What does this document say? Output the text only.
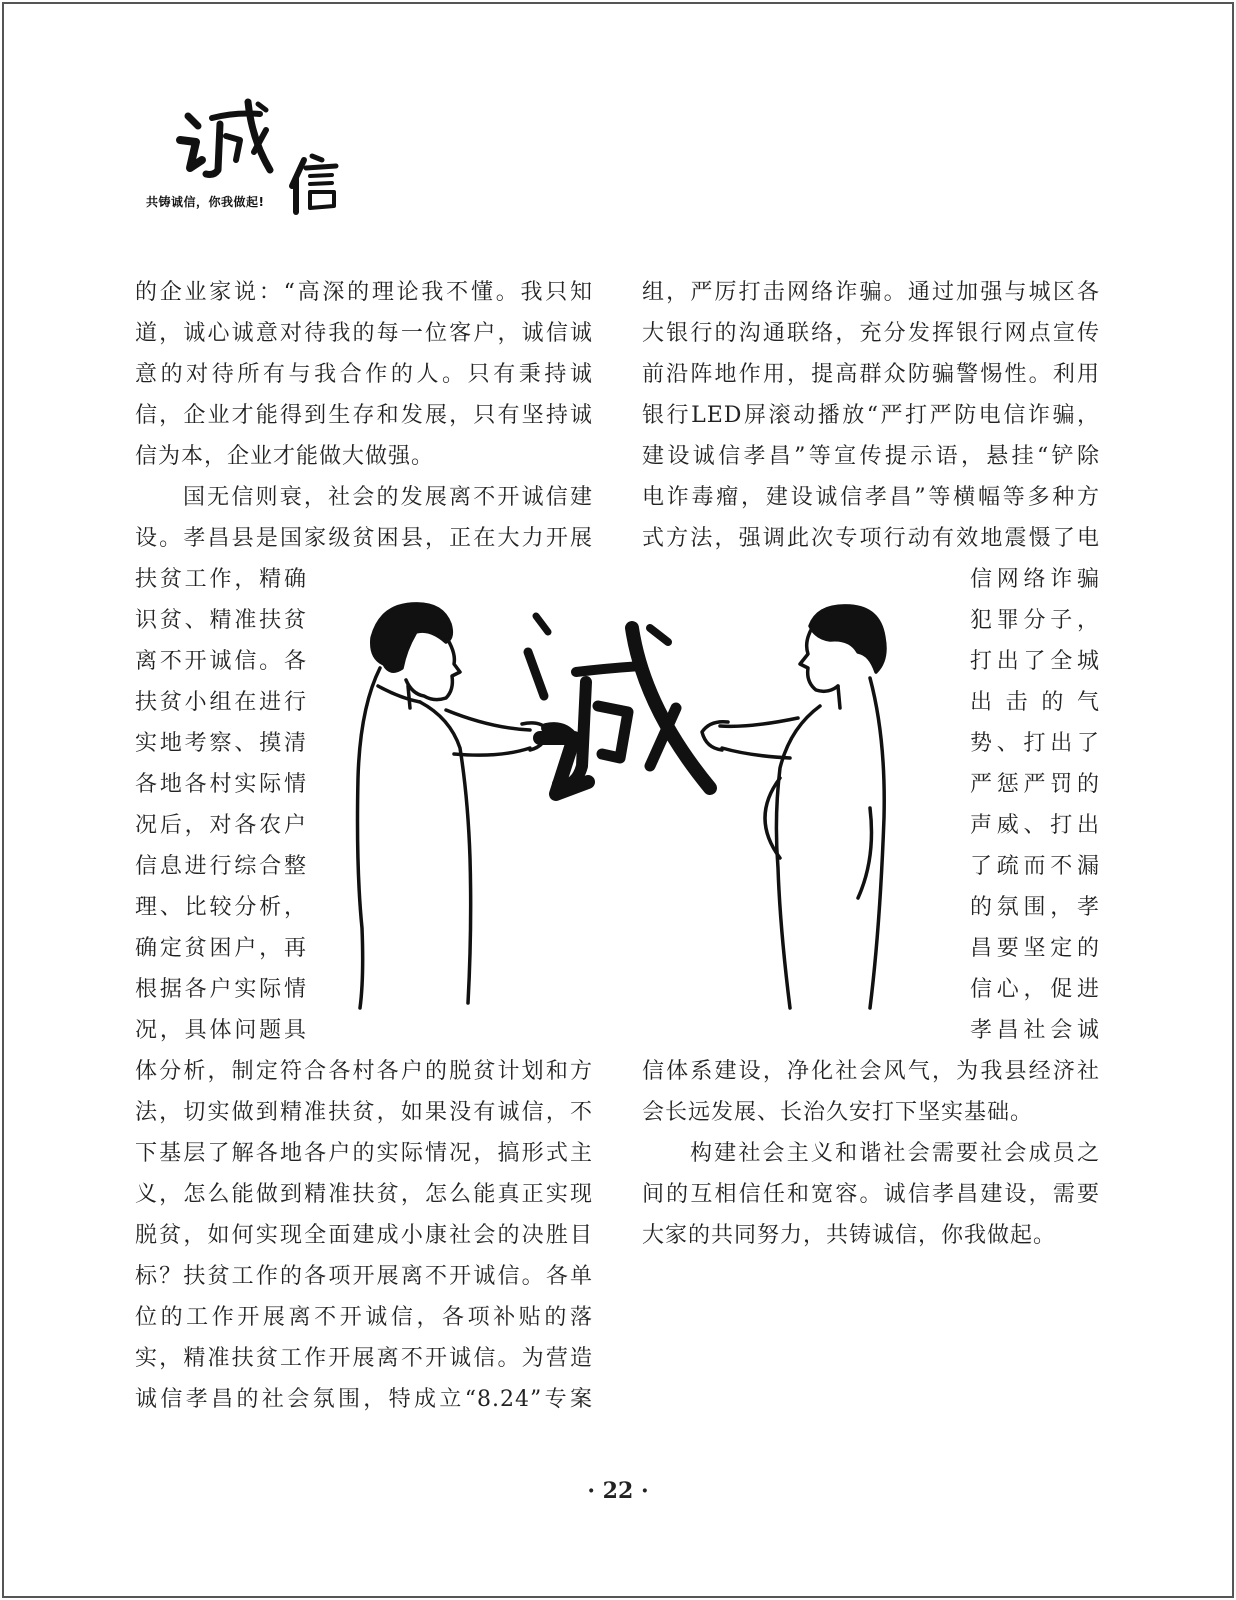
共铸诚信，你我做起!

的企业家说：“高深的理论我不懂。我只知

道，诚心诚意对待我的每一位客户，诚信诚

意的对待所有与我合作的人。只有秉持诚

信，企业才能得到生存和发展，只有坚持诚

信为本，企业才能做大做强。

国无信则衰，社会的发展离不开诚信建

设。孝昌县是国家级贫困县，正在大力开展

扶贫工作，精确

识贫、精准扶贫

离不开诚信。各

扶贫小组在进行

实地考察、摸清

各地各村实际情

况后，对各农户

信息进行综合整

理、比较分析，

确定贫困户，再

根据各户实际情

况，具体问题具

体分析，制定符合各村各户的脱贫计划和方

法，切实做到精准扶贫，如果没有诚信，不

下基层了解各地各户的实际情况，搞形式主

义，怎么能做到精准扶贫，怎么能真正实现

脱贫，如何实现全面建成小康社会的决胜目

标？扶贫工作的各项开展离不开诚信。各单

位的工作开展离不开诚信，各项补贴的落

实，精准扶贫工作开展离不开诚信。为营造

诚信孝昌的社会氛围，特成立“8.24”专案

组，严厉打击网络诈骗。通过加强与城区各

大银行的沟通联络，充分发挥银行网点宣传

前沿阵地作用，提高群众防骗警惕性。利用

银行LED屏滚动播放“严打严防电信诈骗，

建设诚信孝昌”等宣传提示语，悬挂“铲除

电诈毒瘤，建设诚信孝昌”等横幅等多种方

式方法，强调此次专项行动有效地震慑了电

信网络诈骗

犯罪分子，

打出了全城

出击的气

势、打出了

严惩严罚的

声威、打出

了疏而不漏

的氛围，孝

昌要坚定的

信心，促进

孝昌社会诚

信体系建设，净化社会风气，为我县经济社

会长远发展、长治久安打下坚实基础。

构建社会主义和谐社会需要社会成员之

间的互相信任和宽容。诚信孝昌建设，需要

大家的共同努力，共铸诚信，你我做起。

· 22 ·
